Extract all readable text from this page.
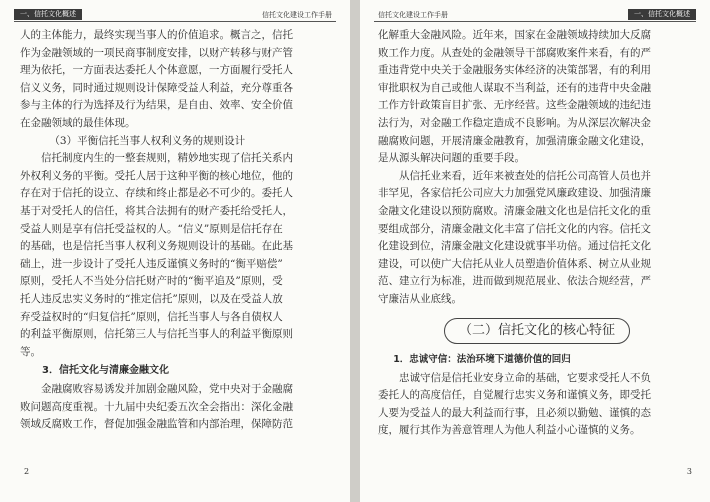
一、信托文化概述	信托文化建设工作手册

人的主体能力，最终实现当事人的价值追求。概言之，信托

作为金融领域的一项民商事制度安排，以财产转移与财产管

理为依托，一方面表达委托人个体意愿，一方面履行受托人

信义义务，同时通过规则设计保障受益人利益，充分尊重各

参与主体的行为选择及行为结果，是自由、效率、安全价值

在金融领域的最佳体现。

（3）平衡信托当事人权利义务的规则设计

信托制度内生的一整套规则，精妙地实现了信托关系内

外权利义务的平衡。受托人居于这种平衡的核心地位，他的

存在对于信托的设立、存续和终止都是必不可少的。委托人

基于对受托人的信任，将其合法拥有的财产委托给受托人，

受益人则是享有信托受益权的人。“信义”原则是信托存在

的基础，也是信托当事人权利义务规则设计的基础。在此基

础上，进一步设计了受托人违反谨慎义务时的“衡平赔偿”

原则，受托人不当处分信托财产时的“衡平追及”原则，受

托人违反忠实义务时的“推定信托”原则，以及在受益人放

弃受益权时的“归复信托”原则，信托当事人与各自债权人

的利益平衡原则，信托第三人与信托当事人的利益平衡原则

等。

3．信托文化与清廉金融文化

金融腐败容易诱发并加剧金融风险，党中央对于金融腐

败问题高度重视。十九届中央纪委五次全会指出：深化金融

领域反腐败工作，督促加强金融监管和内部治理，保障防范

2
信托文化建设工作手册	一、信托文化概述

化解重大金融风险。近年来，国家在金融领域持续加大反腐

败工作力度。从查处的金融领导干部腐败案件来看，有的严

重违背党中央关于金融服务实体经济的决策部署，有的利用

审批职权为自己或他人谋取不当利益，还有的违背中央金融

工作方针政策盲目扩张、无序经营。这些金融领域的违纪违

法行为，对金融工作稳定造成不良影响。为从深层次解决金

融腐败问题，开展清廉金融教育，加强清廉金融文化建设，

是从源头解决问题的重要手段。

从信托业来看，近年来被查处的信托公司高管人员也并

非罕见，各家信托公司应大力加强党风廉政建设、加强清廉

金融文化建设以预防腐败。清廉金融文化也是信托文化的重

要组成部分，清廉金融文化丰富了信托文化的内容。信托文

化建设到位，清廉金融文化建设就事半功倍。通过信托文化

建设，可以使广大信托从业人员塑造价值体系、树立从业规

范、建立行为标准，进而做到规范展业、依法合规经营，严

守廉洁从业底线。

（二）信托文化的核心特征
1．忠诚守信：法治环境下道德价值的回归

忠诚守信是信托业安身立命的基础，它要求受托人不负

委托人的高度信任，自觉履行忠实义务和谨慎义务，即受托

人要为受益人的最大利益而行事，且必须以勤勉、谨慎的态

度，履行其作为善意管理人为他人利益小心谨慎的义务。

3
